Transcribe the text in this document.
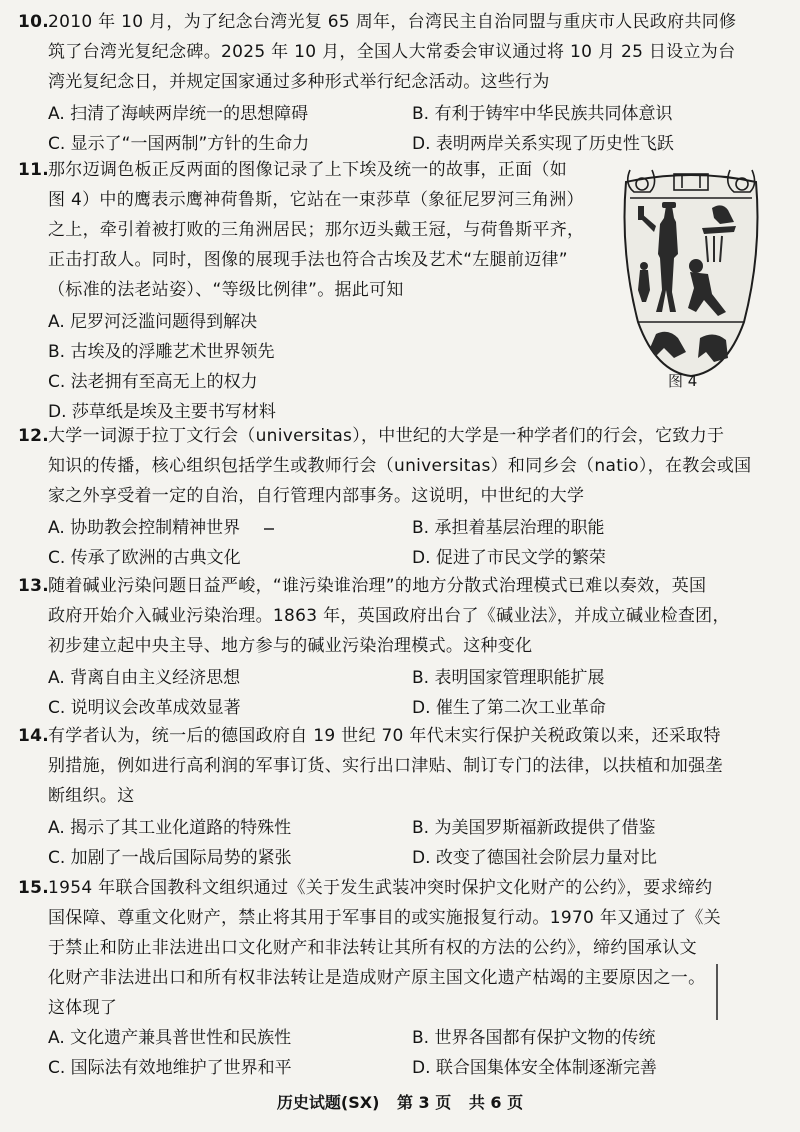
10.
2010 年 10 月，为了纪念台湾光复 65 周年，台湾民主自治同盟与重庆市人民政府共同修
筑了台湾光复纪念碑。2025 年 10 月，全国人大常委会审议通过将 10 月 25 日设立为台
湾光复纪念日，并规定国家通过多种形式举行纪念活动。这些行为
A. 扫清了海峡两岸统一的思想障碍	B. 有利于铸牢中华民族共同体意识
C. 显示了“一国两制”方针的生命力	D. 表明两岸关系实现了历史性飞跃
11.
那尔迈调色板正反两面的图像记录了上下埃及统一的故事，正面（如
图 4）中的鹰表示鹰神荷鲁斯，它站在一束莎草（象征尼罗河三角洲）
之上，牵引着被打败的三角洲居民；那尔迈头戴王冠，与荷鲁斯平齐，
正击打敌人。同时，图像的展现手法也符合古埃及艺术“左腿前迈律”
（标准的法老站姿）、“等级比例律”。据此可知
A. 尼罗河泛滥问题得到解决
B. 古埃及的浮雕艺术世界领先
C. 法老拥有至高无上的权力
D. 莎草纸是埃及主要书写材料
图 4
12.
大学一词源于拉丁文行会（universitas），中世纪的大学是一种学者们的行会，它致力于
知识的传播，核心组织包括学生或教师行会（universitas）和同乡会（natio），在教会或国
家之外享受着一定的自治，自行管理内部事务。这说明，中世纪的大学
A. 协助教会控制精神世界	B. 承担着基层治理的职能
C. 传承了欧洲的古典文化	D. 促进了市民文学的繁荣
13.
随着碱业污染问题日益严峻，“谁污染谁治理”的地方分散式治理模式已难以奏效，英国
政府开始介入碱业污染治理。1863 年，英国政府出台了《碱业法》，并成立碱业检查团，
初步建立起中央主导、地方参与的碱业污染治理模式。这种变化
A. 背离自由主义经济思想	B. 表明国家管理职能扩展
C. 说明议会改革成效显著	D. 催生了第二次工业革命
14.
有学者认为，统一后的德国政府自 19 世纪 70 年代末实行保护关税政策以来，还采取特
别措施，例如进行高利润的军事订货、实行出口津贴、制订专门的法律，以扶植和加强垄
断组织。这
A. 揭示了其工业化道路的特殊性	B. 为美国罗斯福新政提供了借鉴
C. 加剧了一战后国际局势的紧张	D. 改变了德国社会阶层力量对比
15.
1954 年联合国教科文组织通过《关于发生武装冲突时保护文化财产的公约》，要求缔约
国保障、尊重文化财产，禁止将其用于军事目的或实施报复行动。1970 年又通过了《关
于禁止和防止非法进出口文化财产和非法转让其所有权的方法的公约》，缔约国承认文
化财产非法进出口和所有权非法转让是造成财产原主国文化遗产枯竭的主要原因之一。
这体现了
A. 文化遗产兼具普世性和民族性	B. 世界各国都有保护文物的传统
C. 国际法有效地维护了世界和平	D. 联合国集体安全体制逐渐完善
历史试题(SX) 第 3 页 共 6 页
